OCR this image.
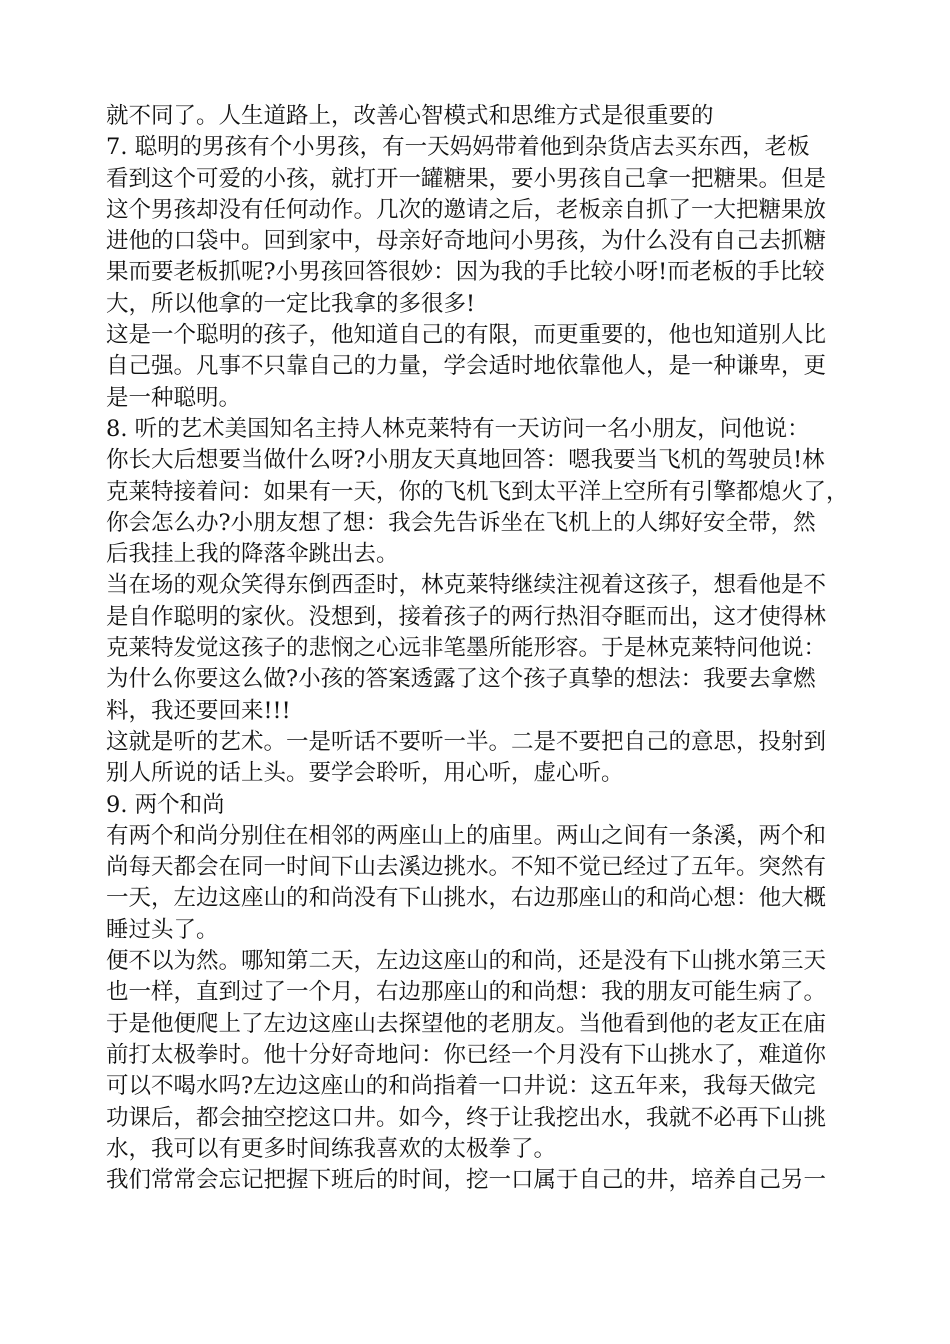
就不同了。人生道路上，改善心智模式和思维方式是很重要的
7. 聪明的男孩有个小男孩，有一天妈妈带着他到杂货店去买东西，老板
看到这个可爱的小孩，就打开一罐糖果，要小男孩自己拿一把糖果。但是
这个男孩却没有任何动作。几次的邀请之后，老板亲自抓了一大把糖果放
进他的口袋中。回到家中，母亲好奇地问小男孩，为什么没有自己去抓糖
果而要老板抓呢?小男孩回答很妙：因为我的手比较小呀!而老板的手比较
大，所以他拿的一定比我拿的多很多!
这是一个聪明的孩子，他知道自己的有限，而更重要的，他也知道别人比
自己强。凡事不只靠自己的力量，学会适时地依靠他人，是一种谦卑，更
是一种聪明。
8. 听的艺术美国知名主持人林克莱特有一天访问一名小朋友，问他说：
你长大后想要当做什么呀?小朋友天真地回答：嗯我要当飞机的驾驶员!林
克莱特接着问：如果有一天，你的飞机飞到太平洋上空所有引擎都熄火了，
你会怎么办?小朋友想了想：我会先告诉坐在飞机上的人绑好安全带，然
后我挂上我的降落伞跳出去。
当在场的观众笑得东倒西歪时，林克莱特继续注视着这孩子，想看他是不
是自作聪明的家伙。没想到，接着孩子的两行热泪夺眶而出，这才使得林
克莱特发觉这孩子的悲悯之心远非笔墨所能形容。于是林克莱特问他说：
为什么你要这么做?小孩的答案透露了这个孩子真挚的想法：我要去拿燃
料，我还要回来!!!
这就是听的艺术。一是听话不要听一半。二是不要把自己的意思，投射到
别人所说的话上头。要学会聆听，用心听，虚心听。
9. 两个和尚
有两个和尚分别住在相邻的两座山上的庙里。两山之间有一条溪，两个和
尚每天都会在同一时间下山去溪边挑水。不知不觉已经过了五年。突然有
一天，左边这座山的和尚没有下山挑水，右边那座山的和尚心想：他大概
睡过头了。
便不以为然。哪知第二天，左边这座山的和尚，还是没有下山挑水第三天
也一样，直到过了一个月，右边那座山的和尚想：我的朋友可能生病了。
于是他便爬上了左边这座山去探望他的老朋友。当他看到他的老友正在庙
前打太极拳时。他十分好奇地问：你已经一个月没有下山挑水了，难道你
可以不喝水吗?左边这座山的和尚指着一口井说：这五年来，我每天做完
功课后，都会抽空挖这口井。如今，终于让我挖出水，我就不必再下山挑
水，我可以有更多时间练我喜欢的太极拳了。
我们常常会忘记把握下班后的时间，挖一口属于自己的井，培养自己另一
